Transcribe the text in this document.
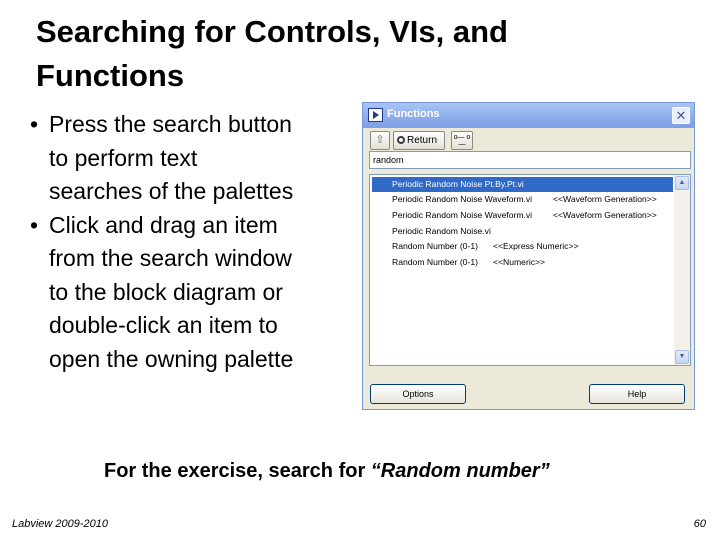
Searching for Controls, VIs, and
Functions
• Press the search button
to perform text
searches of the palettes
• Click and drag an item
from the search window
to the block diagram or
double-click an item to
open the owning palette
Functions	✕
⇧	Return	o— o—
random
Periodic Random Noise Pt.By.Pt.vi
Periodic Random Noise Waveform.vi <<Waveform Generation>>
Periodic Random Noise Waveform.vi <<Waveform Generation>>
Periodic Random Noise.vi
Random Number (0-1) <<Express Numeric>>
Random Number (0-1) <<Numeric>>
▲
▼
Options	Help
For the exercise, search for “Random number”
Labview 2009-2010	60
